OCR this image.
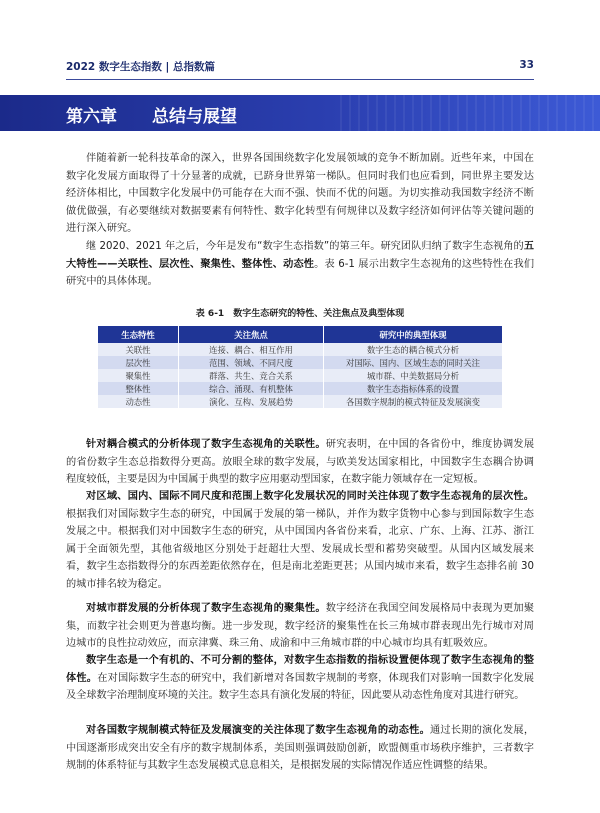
2022 数字生态指数 | 总指数篇	33
第六章 总结与展望

伴随着新一轮科技革命的深入，世界各国围绕数字化发展领域的竞争不断加剧。近些年来，中国在数字化发展方面取得了十分显著的成就，已跻身世界第一梯队。但同时我们也应看到，同世界主要发达经济体相比，中国数字化发展中仍可能存在大而不强、快而不优的问题。为切实推动我国数字经济不断做优做强，有必要继续对数据要素有何特性、数字化转型有何规律以及数字经济如何评估等关键问题的进行深入研究。

继 2020、2021 年之后，今年是发布“数字生态指数”的第三年。研究团队归纳了数字生态视角的五大特性——关联性、层次性、聚集性、整体性、动态性。表 6-1 展示出数字生态视角的这些特性在我们研究中的具体体现。

表 6-1　数字生态研究的特性、关注焦点及典型体现
生态特性	关注焦点	研究中的典型体现
关联性	连接、耦合、相互作用	数字生态的耦合模式分析
层次性	范围、领域、不同尺度	对国际、国内、区域生态的同时关注
聚集性	群落、共生、竞合关系	城市群、中美数据局分析
整体性	综合、涌现、有机整体	数字生态指标体系的设置
动态性	演化、互构、发展趋势	各国数字规制的模式特征及发展演变

针对耦合模式的分析体现了数字生态视角的关联性。研究表明，在中国的各省份中，维度协调发展的省份数字生态总指数得分更高。放眼全球的数字发展，与欧美发达国家相比，中国数字生态耦合协调程度较低，主要是因为中国属于典型的数字应用驱动型国家，在数字能力领域存在一定短板。

对区域、国内、国际不同尺度和范围上数字化发展状况的同时关注体现了数字生态视角的层次性。根据我们对国际数字生态的研究，中国属于发展的第一梯队，并作为数字货物中心参与到国际数字生态发展之中。根据我们对中国数字生态的研究，从中国国内各省份来看，北京、广东、上海、江苏、浙江属于全面领先型，其他省级地区分别处于赶超壮大型、发展成长型和蓄势突破型。从国内区域发展来看，数字生态指数得分的东西差距依然存在，但是南北差距更甚；从国内城市来看，数字生态排名前 30 的城市排名较为稳定。

对城市群发展的分析体现了数字生态视角的聚集性。数字经济在我国空间发展格局中表现为更加聚集，而数字社会则更为普惠均衡。进一步发现，数字经济的聚集性在长三角城市群表现出先行城市对周边城市的良性拉动效应，而京津冀、珠三角、成渝和中三角城市群的中心城市均具有虹吸效应。

数字生态是一个有机的、不可分割的整体，对数字生态指数的指标设置便体现了数字生态视角的整体性。在对国际数字生态的研究中，我们新增对各国数字规制的考察，体现我们对影响一国数字化发展及全球数字治理制度环境的关注。数字生态具有演化发展的特征，因此要从动态性角度对其进行研究。

对各国数字规制模式特征及发展演变的关注体现了数字生态视角的动态性。通过长期的演化发展，中国逐渐形成突出安全有序的数字规制体系，美国则强调鼓励创新，欧盟侧重市场秩序维护，三者数字规制的体系特征与其数字生态发展模式息息相关，是根据发展的实际情况作适应性调整的结果。
